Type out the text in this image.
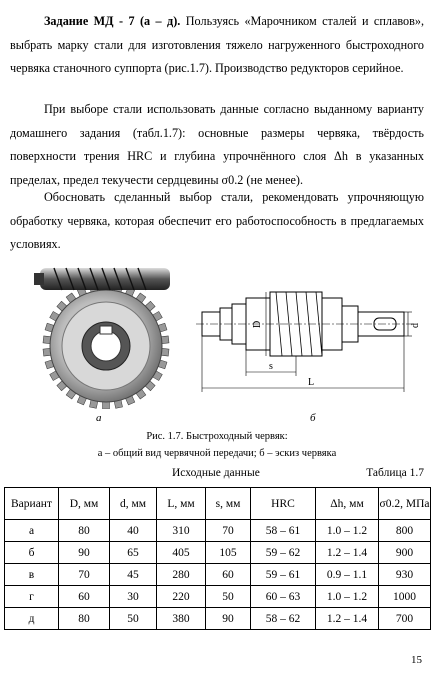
Задание МД - 7 (а – д). Пользуясь «Марочником сталей и сплавов», выбрать марку стали для изготовления тяжело нагруженного быстроходного червяка станочного суппорта (рис.1.7). Производство редукторов серийное.

При выборе стали использовать данные согласно выданному варианту домашнего задания (табл.1.7): основные размеры червяка, твёрдость поверхности трения HRC и глубина упрочнённого слоя Δh в указанных пределах, предел текучести сердцевины σ0.2 (не менее).

Обосновать сделанный выбор стали, рекомендовать упрочняющую обработку червяка, которая обеспечит его работоспособность в предлагаемых условиях.

D	d
s
L
а	б
Рис. 1.7. Быстроходный червяк:
а – общий вид червячной передачи; б – эскиз червяка
Исходные данные	Таблица 1.7
Вариант	D, мм	d, мм	L, мм	s, мм	HRC	Δh, мм	σ0.2, МПа
а	80	40	310	70	58 – 61	1.0 – 1.2	800
б	90	65	405	105	59 – 62	1.2 – 1.4	900
в	70	45	280	60	59 – 61	0.9 – 1.1	930
г	60	30	220	50	60 – 63	1.0 – 1.2	1000
д	80	50	380	90	58 – 62	1.2 – 1.4	700
15
